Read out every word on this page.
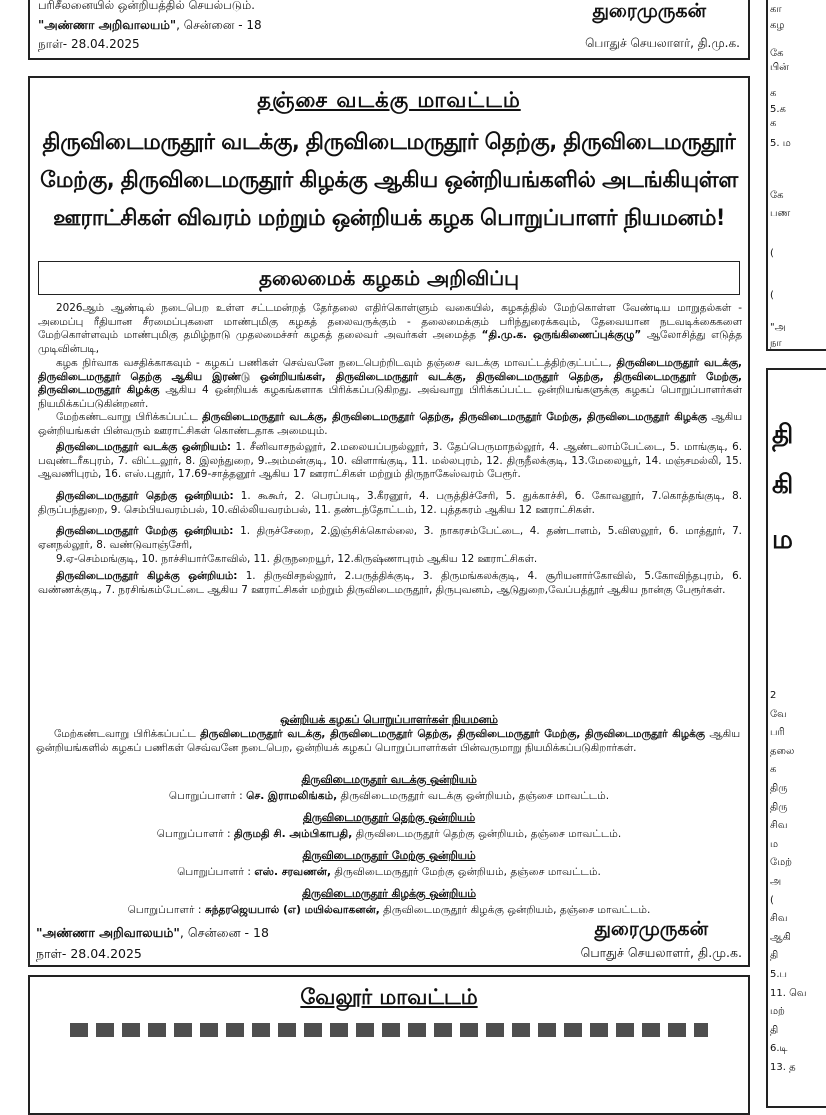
பரிசீலனையில் ஒன்றியத்தில் செயல்படும்.
"அண்ணா அறிவாலயம்", சென்னை - 18
நாள்- 28.04.2025
துரைமுருகன்
பொதுச் செயலாளர், தி.மு.க.
தஞ்சை வடக்கு மாவட்டம்
திருவிடைமருதூர் வடக்கு, திருவிடைமருதூர் தெற்கு, திருவிடைமருதூர்
மேற்கு, திருவிடைமருதூர் கிழக்கு ஆகிய ஒன்றியங்களில் அடங்கியுள்ள
ஊராட்சிகள் விவரம் மற்றும் ஒன்றியக் கழக பொறுப்பாளர் நியமனம்!
தலைமைக் கழகம் அறிவிப்பு

2026ஆம் ஆண்டில் நடைபெற உள்ள சட்டமன்றத் தேர்தலை எதிர்கொள்ளும் வகையில், கழகத்தில் மேற்கொள்ள வேண்டிய மாறுதல்கள் - அமைப்பு ரீதியான சீரமைப்புகளை மாண்புமிகு கழகத் தலைவருக்கும் - தலைமைக்கும் பரிந்துரைக்கவும், தேவையான நடவடிக்கைகளை மேற்கொள்ளவும் மாண்புமிகு தமிழ்நாடு முதலமைச்சர் கழகத் தலைவர் அவர்கள் அமைத்த “தி.மு.க. ஒருங்கிணைப்புக்குழு” ஆலோசித்து எடுத்த முடிவின்படி,

கழக நிர்வாக வசதிக்காகவும் - கழகப் பணிகள் செவ்வனே நடைபெற்றிடவும் தஞ்சை வடக்கு மாவட்டத்திற்குட்பட்ட, திருவிடைமருதூர் வடக்கு, திருவிடைமருதூர் தெற்கு ஆகிய இரண்டு ஒன்றியங்கள், திருவிடைமருதூர் வடக்கு, திருவிடைமருதூர் தெற்கு, திருவிடைமருதூர் மேற்கு, திருவிடைமருதூர் கிழக்கு ஆகிய 4 ஒன்றியக் கழகங்களாக பிரிக்கப்படுகிறது. அவ்வாறு பிரிக்கப்பட்ட ஒன்றியங்களுக்கு கழகப் பொறுப்பாளர்கள் நியமிக்கப்படுகின்றனர்.

மேற்கண்டவாறு பிரிக்கப்பட்ட திருவிடைமருதூர் வடக்கு, திருவிடைமருதூர் தெற்கு, திருவிடைமருதூர் மேற்கு, திருவிடைமருதூர் கிழக்கு ஆகிய ஒன்றியங்கள் பின்வரும் ஊராட்சிகள் கொண்டதாக அமையும்.

திருவிடைமருதூர் வடக்கு ஒன்றியம்: 1. சீனிவாசநல்லூர், 2.மலையப்பநல்லூர், 3. தேப்பெருமாநல்லூர், 4. ஆண்டலாம்பேட்டை, 5. மாங்குடி, 6. பவுண்டரீகபுரம், 7. விட்டலூர், 8. இலந்துறை, 9.அம்மன்குடி, 10. விளாங்குடி, 11. மல்லபுரம், 12. திருநீலக்குடி, 13.மேலையூர், 14. மஞ்சமல்லி, 15. ஆவணிபுரம், 16. எஸ்.புதூர், 17.69-சாத்தனூர் ஆகிய 17 ஊராட்சிகள் மற்றும் திருநாகேஸ்வரம் பேரூர்.

திருவிடைமருதூர் தெற்கு ஒன்றியம்: 1. கூகூர், 2. பெரப்படி, 3.கீரனூர், 4. பருத்திச்சேரி, 5. துக்காச்சி, 6. கோவனூர், 7.கொத்தங்குடி, 8. திருப்பந்துறை, 9. செம்பியவரம்பல், 10.வில்லியவரம்பல், 11. தண்டந்தோட்டம், 12. புத்தகரம் ஆகிய 12 ஊராட்சிகள்.

திருவிடைமருதூர் மேற்கு ஒன்றியம்: 1. திருச்சேறை, 2.இஞ்சிக்கொல்லை, 3. நாகரசம்பேட்டை, 4. தண்டாளம், 5.விஸலூர், 6. மாத்தூர், 7. ஏனநல்லூர், 8. வண்டுவாஞ்சேரி,

9.ஏ-செம்மங்குடி, 10. நாச்சியார்கோவில், 11. திருநறையூர், 12.கிருஷ்ணாபுரம் ஆகிய 12 ஊராட்சிகள்.

திருவிடைமருதூர் கிழக்கு ஒன்றியம்: 1. திருவிசநல்லூர், 2.பருத்திக்குடி, 3. திருமங்கலக்குடி, 4. சூரியனார்கோவில், 5.கோவிந்தபுரம், 6. வண்ணக்குடி, 7. நரசிங்கம்பேட்டை ஆகிய 7 ஊராட்சிகள் மற்றும் திருவிடைமருதூர், திருபுவனம், ஆடுதுறை,வேப்பத்தூர் ஆகிய நான்கு பேரூர்கள்.

ஒன்றியக் கழகப் பொறுப்பாளர்கள் நியமனம்

மேற்கண்டவாறு பிரிக்கப்பட்ட திருவிடைமருதூர் வடக்கு, திருவிடைமருதூர் தெற்கு, திருவிடைமருதூர் மேற்கு, திருவிடைமருதூர் கிழக்கு ஆகிய ஒன்றியங்களில் கழகப் பணிகள் செவ்வனே நடைபெற, ஒன்றியக் கழகப் பொறுப்பாளர்கள் பின்வருமாறு நியமிக்கப்படுகிறார்கள்.

திருவிடைமருதூர் வடக்கு ஒன்றியம்
பொறுப்பாளர் : செ. இராமலிங்கம், திருவிடைமருதூர் வடக்கு ஒன்றியம், தஞ்சை மாவட்டம்.
திருவிடைமருதூர் தெற்கு ஒன்றியம்
பொறுப்பாளர் : திருமதி சி. அம்பிகாபதி, திருவிடைமருதூர் தெற்கு ஒன்றியம், தஞ்சை மாவட்டம்.
திருவிடைமருதூர் மேற்கு ஒன்றியம்
பொறுப்பாளர் : எஸ். சரவணன், திருவிடைமருதூர் மேற்கு ஒன்றியம், தஞ்சை மாவட்டம்.
திருவிடைமருதூர் கிழக்கு ஒன்றியம்
பொறுப்பாளர் : சுந்தரஜெயபால் (எ) மயில்வாகனன், திருவிடைமருதூர் கிழக்கு ஒன்றியம், தஞ்சை மாவட்டம்.
"அண்ணா அறிவாலயம்", சென்னை - 18
நாள்- 28.04.2025
துரைமுருகன்
பொதுச் செயலாளர், தி.மு.க.
வேலூர் மாவட்டம்
கா
கழ
கே
பின்
க
5.க
க
5. ம
கே
பண
(
(
"அ
நா
தி
கி
ம
2
வே
பரி
தலை
க
திரு
திரு
சிவ
ம
மேற்
அ
(
சிவ
ஆகி
தி
5.ப
11. வெ
மற்
தி
6.டி
13. த
